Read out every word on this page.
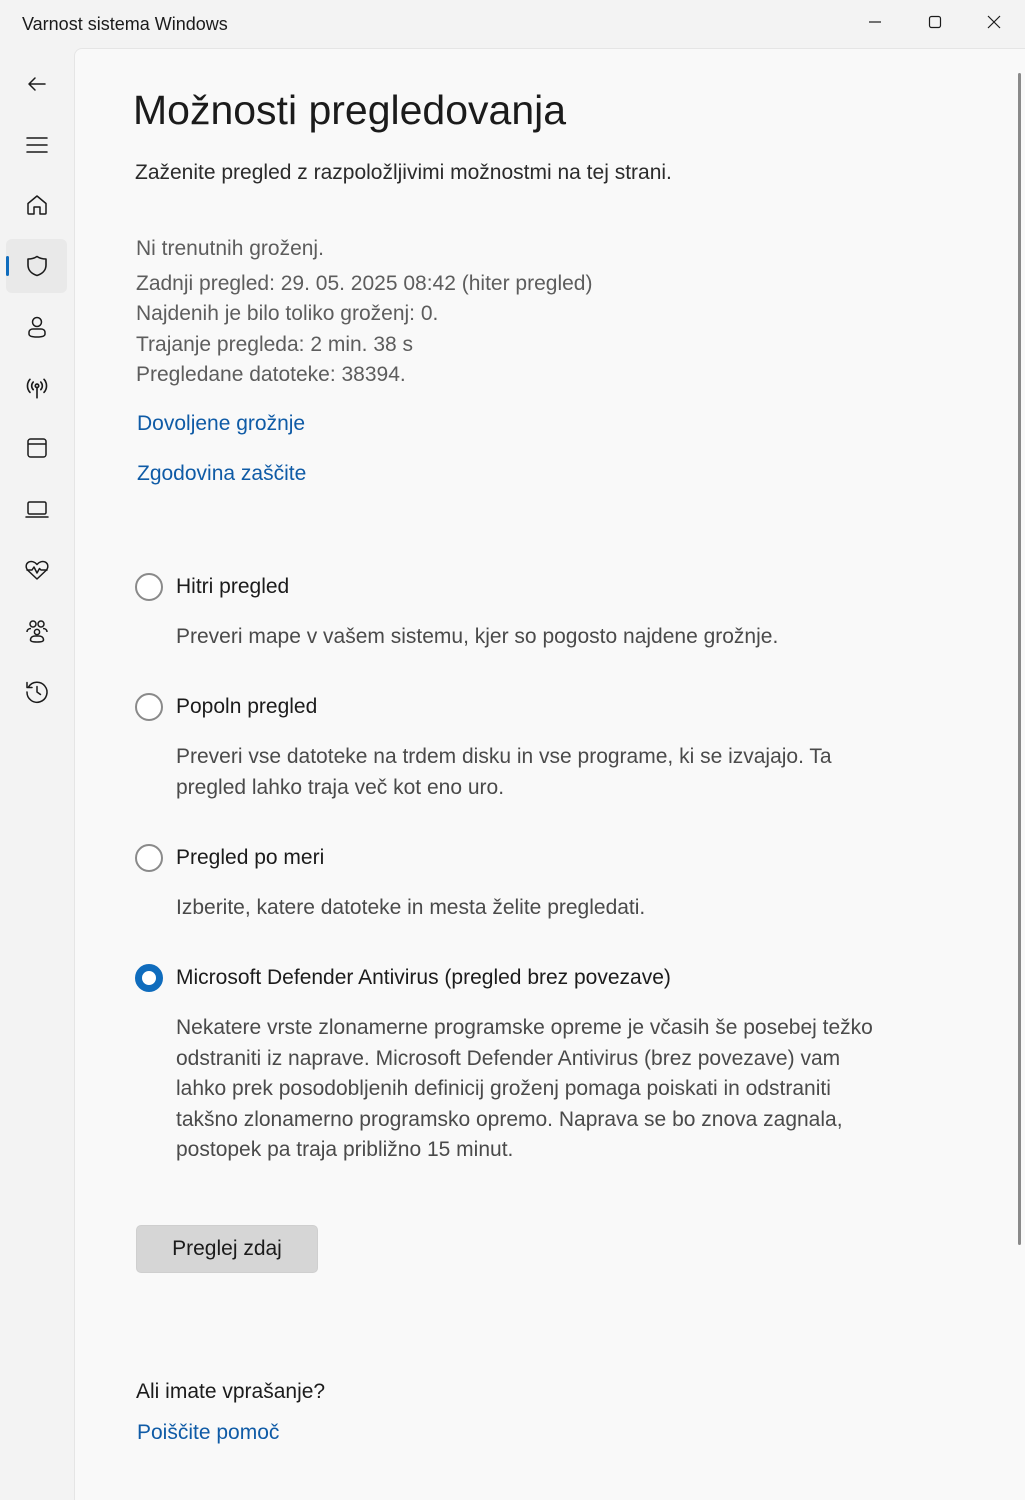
Varnost sistema Windows
Možnosti pregledovanja
Zaženite pregled z razpoložljivimi možnostmi na tej strani.
Ni trenutnih groženj.
Zadnji pregled: 29. 05. 2025 08:42 (hiter pregled)
Najdenih je bilo toliko groženj: 0.
Trajanje pregleda: 2 min. 38 s
Pregledane datoteke: 38394.
Dovoljene grožnje
Zgodovina zaščite
Hitri pregled
Preveri mape v vašem sistemu, kjer so pogosto najdene grožnje.
Popoln pregled
Preveri vse datoteke na trdem disku in vse programe, ki se izvajajo. Ta pregled lahko traja več kot eno uro.
Pregled po meri
Izberite, katere datoteke in mesta želite pregledati.
Microsoft Defender Antivirus (pregled brez povezave)
Nekatere vrste zlonamerne programske opreme je včasih še posebej težko odstraniti iz naprave. Microsoft Defender Antivirus (brez povezave) vam lahko prek posodobljenih definicij groženj pomaga poiskati in odstraniti takšno zlonamerno programsko opremo. Naprava se bo znova zagnala, postopek pa traja približno 15 minut.
Preglej zdaj
Ali imate vprašanje?
Poiščite pomoč
